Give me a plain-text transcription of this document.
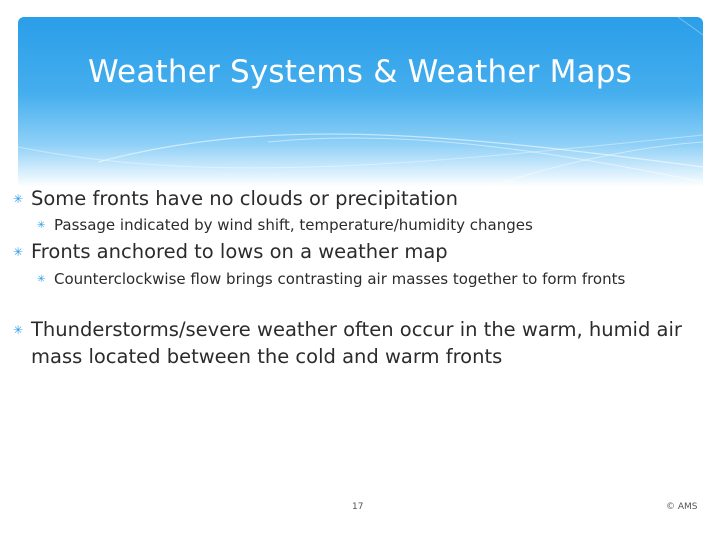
Weather Systems & Weather Maps
✳ Some fronts have no clouds or precipitation
✳ Passage indicated by wind shift, temperature/humidity changes
✳ Fronts anchored to lows on a weather map
✳ Counterclockwise flow brings contrasting air masses together to form fronts
✳ Thunderstorms/severe weather often occur in the warm, humid air mass located between the cold and warm fronts
17	© AMS
